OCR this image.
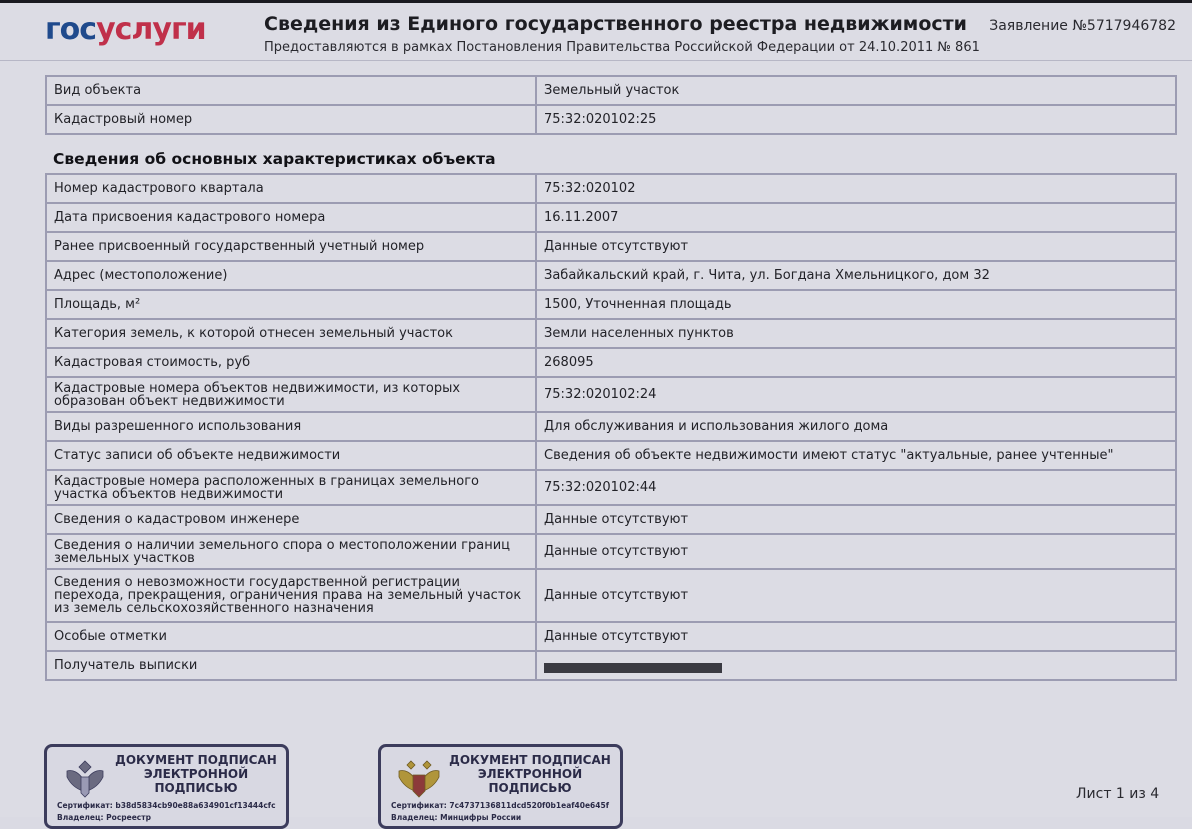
госуслуги	Сведения из Единого государственного реестра недвижимости
Предоставляются в рамках Постановления Правительства Российской Федерации от 24.10.2011 № 861
Заявление №5717946782
Вид объекта	Земельный участок
Кадастровый номер	75:32:020102:25
Сведения об основных характеристиках объекта
Номер кадастрового квартала	75:32:020102
Дата присвоения кадастрового номера	16.11.2007
Ранее присвоенный государственный учетный номер	Данные отсутствуют
Адрес (местоположение)	Забайкальский край, г. Чита, ул. Богдана Хмельницкого, дом 32
Площадь, м²	1500, Уточненная площадь
Категория земель, к которой отнесен земельный участок	Земли населенных пунктов
Кадастровая стоимость, руб	268095
Кадастровые номера объектов недвижимости, из которых образован объект недвижимости	75:32:020102:24
Виды разрешенного использования	Для обслуживания и использования жилого дома
Статус записи об объекте недвижимости	Сведения об объекте недвижимости имеют статус "актуальные, ранее учтенные"
Кадастровые номера расположенных в границах земельного участка объектов недвижимости	75:32:020102:44
Сведения о кадастровом инженере	Данные отсутствуют
Сведения о наличии земельного спора о местоположении границ земельных участков	Данные отсутствуют
Сведения о невозможности государственной регистрации перехода, прекращения, ограничения права на земельный участок из земель сельскохозяйственного назначения	Данные отсутствуют
Особые отметки	Данные отсутствуют
Получатель выписки	
ДОКУМЕНТ ПОДПИСАН ЭЛЕКТРОННОЙ ПОДПИСЬЮ
Сертификат: b38d5834cb90e88a634901cf13444cfc
Владелец: Росреестр
ДОКУМЕНТ ПОДПИСАН ЭЛЕКТРОННОЙ ПОДПИСЬЮ
Сертификат: 7c4737136811dcd520f0b1eaf40e645f
Владелец: Минцифры России
Лист 1 из 4
